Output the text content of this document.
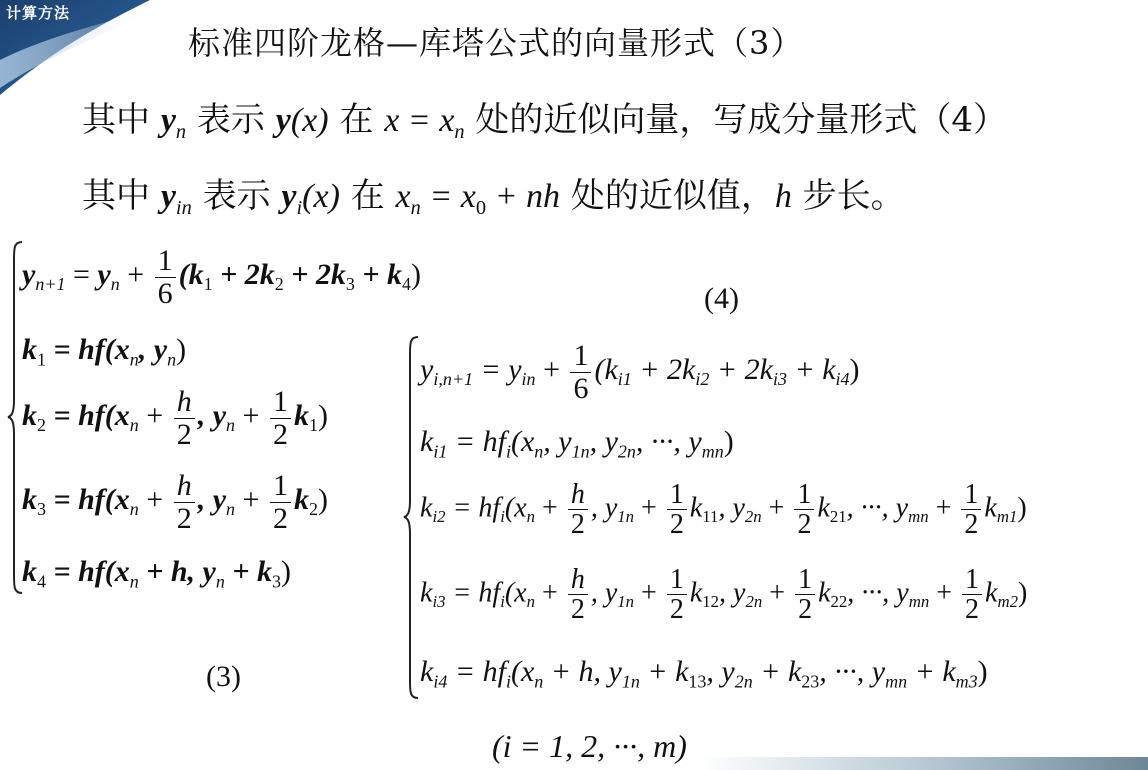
计算方法
标准四阶龙格—库塔公式的向量形式（3）
其中 $y_n$ 表示 y(x) 在 $x = x_n$ 处的近似向量，写成分量形式（4）
其中 $y_{in}$ 表示 $y_i(x)$ 在 $x_n = x_0$ + nh 处的近似值，h 步长。
$y_{n+1} = y_n + \frac{1}{6} (k_1 + 2k_2 + 2k_3 + k_4)$
$k_1 = hf(x_n$, $y_n$)
$k_2 = hf(x_n + \frac{h}{2}$ , $y_n + \frac{1}{2} k_1$)
$k_3 = hf(x_n + \frac{h}{2}$ , $y_n + \frac{1}{2} k_2$)
$k_4 = hf(x_n + h$, $y_n + k_3$)
(3)
(4)
$y_{i,n+1} = y_{in} + \frac{1}{6} (k_{i1} + 2k_{i2} + 2k_{i3} + k_{i4})$
$k_{i1} = hf_i(x_n$, $y_{1n}$, $y_{2n}$, ···, $y_{mn}$)
$k_{i2} = hf_i(x_n + \frac{h}{2}$ , $y_{1n} + \frac{1}{2} k_{11}$, $y_{2n} + \frac{1}{2} k_{21}$, ···, $y_{mn} + \frac{1}{2} k_{m1}$)
$k_{i3} = hf_i(x_n + \frac{h}{2}$ , $y_{1n} + \frac{1}{2} k_{12}$, $y_{2n} + \frac{1}{2} k_{22}$, ···, $y_{mn} + \frac{1}{2} k_{m2}$)
$k_{i4} = hf_i(x_n + h$, $y_{1n} + k_{13}$, $y_{2n} + k_{23}$, ···, $y_{mn} + k_{m3}$)
(i = 1, 2, ···, m)
